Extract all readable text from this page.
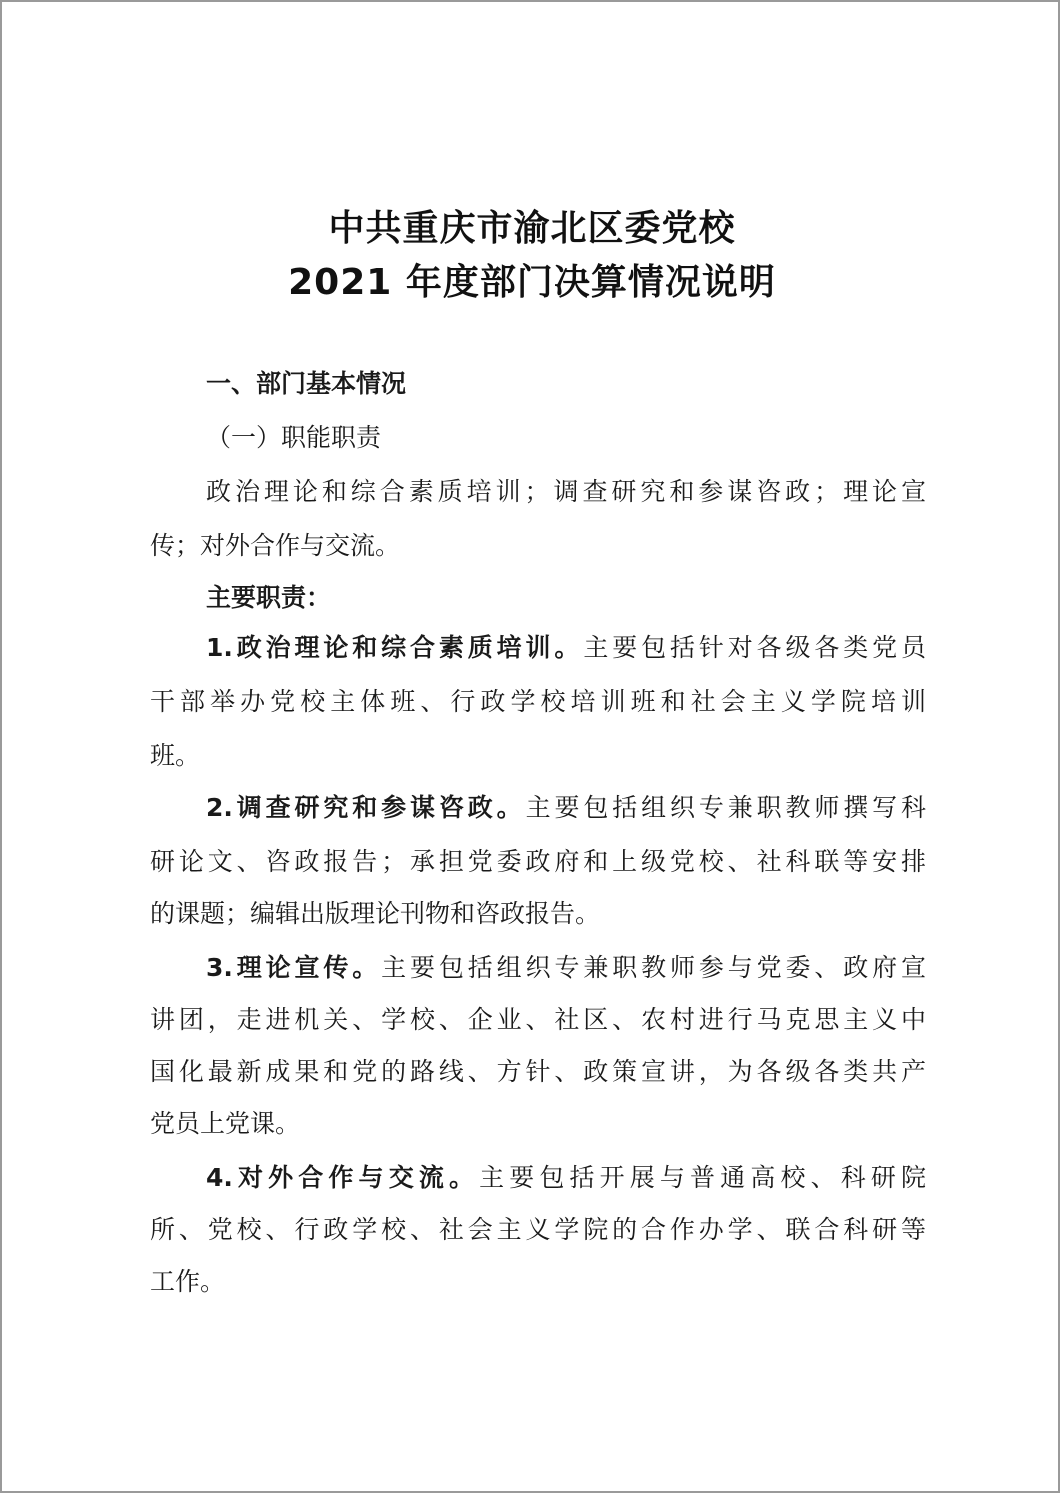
中共重庆市渝北区委党校
2021 年度部门决算情况说明
一、部门基本情况
（一）职能职责
政治理论和综合素质培训；调查研究和参谋咨政；理论宣
传；对外合作与交流。
主要职责：
1.政治理论和综合素质培训。主要包括针对各级各类党员
干部举办党校主体班、行政学校培训班和社会主义学院培训
班。
2.调查研究和参谋咨政。主要包括组织专兼职教师撰写科
研论文、咨政报告；承担党委政府和上级党校、社科联等安排
的课题；编辑出版理论刊物和咨政报告。
3.理论宣传。主要包括组织专兼职教师参与党委、政府宣
讲团，走进机关、学校、企业、社区、农村进行马克思主义中
国化最新成果和党的路线、方针、政策宣讲，为各级各类共产
党员上党课。
4.对外合作与交流。主要包括开展与普通高校、科研院
所、党校、行政学校、社会主义学院的合作办学、联合科研等
工作。
